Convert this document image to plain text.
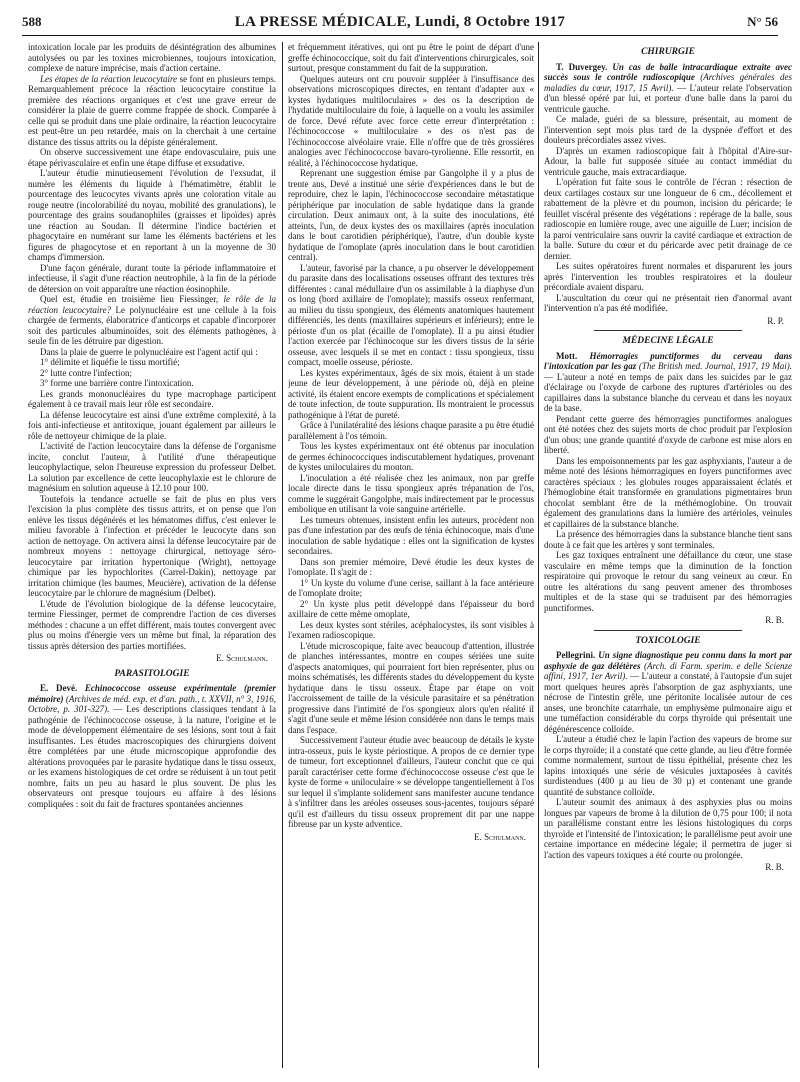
588	LA PRESSE MÉDICALE, Lundi, 8 Octobre 1917	N° 56

intoxication locale par les produits de désintégration des albumines autolysées ou par les toxines microbiennes, toujours intoxication, complexe de nature imprécise, mais d'action certaine.

Les étapes de la réaction leucocytaire se font en plusieurs temps. Remarquablement précoce la réaction leucocytaire constitue la première des réactions organiques et c'est une grave erreur de considérer la plaie de guerre comme frappée de shock. Comparée à celle qui se produit dans une plaie ordinaire, la réaction leucocytaire est peut-être un peu retardée, mais on la cherchait à une certaine distance des tissus attrits ou la dépiste généralement.

On observe successivement une étape endovasculaire, puis une étape périvasculaire et enfin une étape diffuse et exsudative.

L'auteur étudie minutieusement l'évolution de l'exsudat, il numère les éléments du liquide à l'hématimètre, établit le pourcentage des leucocytes vivants après une coloration vitale au rouge neutre (incolorabilité du noyau, mobilité des granulations), le pourcentage des grains soudanophiles (graisses et lipoïdes) après une réaction au Soudan. Il détermine l'indice bactérien et phagocytaire en numérant sur lame les éléments bactériens et les figures de phagocytose et en reportant à un la moyenne de 30 champs d'immersion.

D'une façon générale, durant toute la période inflammatoire et infectieuse, il s'agit d'une réaction neutrophile, à la fin de la période de détersion on voit apparaître une réaction éosinophile.

Quel est, étudie en troisième lieu Fiessinger, le rôle de la réaction leucocytaire? Le polynucléaire est une cellule à la fois chargée de ferments, élaboratrice d'anticorps et capable d'incorporer soit des particules albuminoïdes, soit des éléments pathogènes, à seule fin de les détruire par digestion.

Dans la plaie de guerre le polynucléaire est l'agent actif qui :

1° délimite et liquéfie le tissu mortifié;
2° lutte contre l'infection;
3° forme une barrière contre l'intoxication.

Les grands mononucléaires du type macrophage participent également à ce travail mais leur rôle est secondaire.

La défense leucocytaire est ainsi d'une extrême complexité, à la fois anti-infectieuse et antitoxique, jouant également par ailleurs le rôle de nettoyeur chimique de la plaie.

L'activité de l'action leucocytaire dans la défense de l'organisme incite, conclut l'auteur, à l'utilité d'une thérapeutique leucophylactique, selon l'heureuse expression du professeur Delbet. La solution par excellence de cette leucophylaxie est le chlorure de magnésium en solution aqueuse à 12.10 pour 100.

Toutefois la tendance actuelle se fait de plus en plus vers l'excision la plus complète des tissus attrits, et on pense que l'on enlève les tissus dégénérés et les hématomes diffus, c'est enlever le milieu favorable à l'infection et précéder le leucocyte dans son action de nettoyage. On activera ainsi la défense leucocytaire par de nombreux moyens : nettoyage chirurgical, nettoyage séro-leucocytaire par irritation hypertonique (Wright), nettoyage chimique par les hypochlorites (Carrel-Dakin), nettoyage par irritation chimique (les baumes, Meucière), activation de la défense leucocytaire par le chlorure de magnésium (Delbet).

L'étude de l'évolution biologique de la défense leucocytaire, termine Fiessinger, permet de comprendre l'action de ces diverses méthodes : chacune a un effet différent, mais toutes convergent avec plus ou moins d'énergie vers un même but final, la réparation des tissus après détersion des parties mortifiées.

E. Schulmann.
PARASITOLOGIE

E. Devé. Echinococcose osseuse expérimentale (premier mémoire) (Archives de méd. exp. et d'an. path., t. XXVII, n° 3, 1916, Octobre, p. 301-327). — Les descriptions classiques tendant à la pathogénie de l'échinococcose osseuse, à la nature, l'origine et le mode de développement élémentaire de ses lésions, sont tout à fait insuffisantes. Les études macroscopiques des chirurgiens doivent être complétées par une étude microscopique approfondie des altérations provoquées par le parasite hydatique dans le tissu osseux, or les examens histologiques de cet ordre se réduisent à un tout petit nombre, faits un peu au hasard le plus souvent. De plus les observateurs ont presque toujours eu affaire à des lésions compliquées : soit du fait de fractures spontanées anciennes

et fréquemment itératives, qui ont pu être le point de départ d'une greffe échinococcique, soit du fait d'interventions chirurgicales, soit surtout, presque constamment du fait de la suppuration.

Quelques auteurs ont cru pouvoir suppléer à l'insuffisance des observations microscopiques directes, en tentant d'adapter aux « kystes hydatiques multiloculaires » des os la description de l'hydatide multiloculaire du foie, à laquelle on a voulu les assimiler de force. Devé réfute avec force cette erreur d'interprétation : l'échinococcose « multiloculaire » des os n'est pas de l'échinococcose alvéolaire vraie. Elle n'offre que de très grossières analogies avec l'échinococcose bavaro-tyrolienne. Elle ressortit, en réalité, à l'échinococcose hydatique.

Reprenant une suggestion émise par Gangolphe il y a plus de trente ans, Devé a institué une série d'expériences dans le but de reproduire, chez le lapin, l'échinococcose secondaire métastatique périphérique par inoculation de sable hydatique dans la grande circulation. Deux animaux ont, à la suite des inoculations, été atteints, l'un, de deux kystes des os maxillaires (après inoculation dans le bout carotidien périphérique), l'autre, d'un double kyste hydatique de l'omoplate (après inoculation dans le bout carotidien central).

L'auteur, favorisé par la chance, a pu observer le développement du parasite dans des localisations osseuses offrant des textures très différentes : canal médullaire d'un os assimilable à la diaphyse d'un os long (bord axillaire de l'omoplate); massifs osseux renfermant, au milieu du tissu spongieux, des éléments anatomiques hautement différenciés, les dents (maxillaires supérieurs et inférieurs); entre le périoste d'un os plat (écaille de l'omoplate). Il a pu ainsi étudier l'action exercée par l'échinocoque sur les divers tissus de la série osseuse, avec lesquels il se met en contact : tissu spongieux, tissu compact, moelle osseuse, périoste.

Les kystes expérimentaux, âgés de six mois, étaient à un stade jeune de leur développement, à une période où, déjà en pleine activité, ils étaient encore exempts de complications et spécialement de toute infection, de toute suppuration. Ils montraient le processus pathogénique à l'état de pureté.

Grâce à l'unilatéralité des lésions chaque parasite a pu être étudié parallèlement à l'os témoin.

Tous les kystes expérimentaux ont été obtenus par inoculation de germes échinococciques indiscutablement hydatiques, provenant de kystes uniloculaires du mouton.

L'inoculation a été réalisée chez les animaux, non par greffe locale directe dans le tissu spongieux après trépanation de l'os, comme le suggérait Gangolphe, mais indirectement par le processus embolique en utilisant la voie sanguine artérielle.

Les tumeurs obtenues, insistent enfin les auteurs, procèdent non pas d'une infestation par des œufs de ténia échinocoque, mais d'une inoculation de sable hydatique : elles ont la signification de kystes secondaires.

Dans son premier mémoire, Devé étudie les deux kystes de l'omoplate. Il s'agit de :

1° Un kyste du volume d'une cerise, saillant à la face antérieure de l'omoplate droite;

2° Un kyste plus petit développé dans l'épaisseur du bord axillaire de cette même omoplate,

Les deux kystes sont stériles, acéphalocystes, ils sont visibles à l'examen radioscopique.

L'étude microscopique, faite avec beaucoup d'attention, illustrée de planches intéressantes, montre en coupes sériées une suite d'aspects anatomiques, qui pourraient fort bien représenter, plus ou moins schématisés, les différents stades du développement du kyste hydatique dans le tissu osseux. Étape par étape on voit l'accroissement de taille de la vésicule parasitaire et sa pénétration progressive dans l'intimité de l'os spongieux alors qu'en réalité il s'agit d'une seule et même lésion considérée non dans le temps mais dans l'espace.

Successivement l'auteur étudie avec beaucoup de détails le kyste intra-osseux, puis le kyste périostique. A propos de ce dernier type de tumeur, fort exceptionnel d'ailleurs, l'auteur conclut que ce qui paraît caractériser cette forme d'échinococcose osseuse c'est que le kyste de forme « uniloculaire » se développe tangentiellement à l'os sur lequel il s'implante solidement sans manifester aucune tendance à s'infiltrer dans les aréoles osseuses sous-jacentes, toujours séparé qu'il est d'ailleurs du tissu osseux proprement dit par une nappe fibreuse par un kyste adventice.

E. Schulmann.
CHIRURGIE

T. Duvergey. Un cas de balle intracardiaque extraite avec succès sous le contrôle radioscopique (Archives générales des maladies du cœur, 1917, 15 Avril). — L'auteur relate l'observation d'un blessé opéré par lui, et porteur d'une balle dans la paroi du ventricule gauche.

Ce malade, guéri de sa blessure, présentait, au moment de l'intervention sept mois plus tard de la dyspnée d'effort et des douleurs précordiales assez vives.

D'après un examen radioscopique fait à l'hôpital d'Aire-sur-Adour, la balle fut supposée située au contact immédiat du ventricule gauche, mais extracardiaque.

L'opération fut faite sous le contrôle de l'écran : résection de deux cartilages costaux sur une longueur de 6 cm., décollement et rabattement de la plèvre et du poumon, incision du péricarde; le feuillet viscéral présente des végétations : repérage de la balle, sous radioscopie en lumière rouge, avec une aiguille de Luer; incision de la paroi ventriculaire sans ouvrir la cavité cardiaque et extraction de la balle. Suture du cœur et du péricarde avec petit drainage de ce dernier.

Les suites opératoires furent normales et disparurent les jours après l'intervention les troubles respiratoires et la douleur précordiale avaient disparu.

L'auscultation du cœur qui ne présentait rien d'anormal avant l'intervention n'a pas été modifiée.

R. P.
MÉDECINE LÉGALE

Mott. Hémorragies punctiformes du cerveau dans l'intoxication par les gaz (The British med. Journal, 1917, 19 Mai). — L'auteur a noté en temps de paix dans les suicides par le gaz d'éclairage ou l'oxyde de carbone des ruptures d'artérioles ou des capillaires dans la substance blanche du cerveau et dans les noyaux de la base.

Pendant cette guerre des hémorragies punctiformes analogues ont été notées chez des sujets morts de choc produit par l'explosion d'un obus; une grande quantité d'oxyde de carbone est mise alors en liberté.

Dans les empoisonnements par les gaz asphyxiants, l'auteur a de même noté des lésions hémorragiques en foyers punctiformes avec caractères spéciaux : les globules rouges apparaissaient éclatés et l'hémoglobine était transformée en granulations pigmentaires brun chocolat semblant être de la méthémoglobine. On trouvait également des granulations dans la lumière des artérioles, veinules et capillaires de la substance blanche.

La présence des hémorragies dans la substance blanche tient sans doute à ce fait que les artères y sont terminales.

Les gaz toxiques entraînent une défaillance du cœur, une stase vasculaire en même temps que la diminution de la fonction respiratoire qui provoque le retour du sang veineux au cœur. En outre les altérations du sang peuvent amener des thromboses multiples et de la stase qui se traduisent par des hémorragies punctiformes.

R. B.
TOXICOLOGIE

Pellegrini. Un signe diagnostique peu connu dans la mort par asphyxie de gaz délétères (Arch. di Farm. sperim. e delle Scienze affini, 1917, 1er Avril). — L'auteur a constaté, à l'autopsie d'un sujet mort quelques heures après l'absorption de gaz asphyxiants, une nécrose de l'intestin grêle, une péritonite localisée autour de ces anses, une bronchite catarrhale, un emphysème pulmonaire aigu et une tuméfaction considérable du corps thyroïde qui présentait une dégénérescence colloïde.

L'auteur a étudié chez le lapin l'action des vapeurs de brome sur le corps thyroïde; il a constaté que cette glande, au lieu d'être formée comme normalement, surtout de tissu épithélial, présente chez les lapins intoxiqués une série de vésicules juxtaposées à cavités surdistendues (400 µ au lieu de 30 µ) et contenant une grande quantité de substance colloïde.

L'auteur soumit des animaux à des asphyxies plus ou moins longues par vapeurs de brome à la dilution de 0,75 pour 100; il nota un parallélisme constant entre les lésions histologiques du corps thyroïde et l'intensité de l'intoxication; le parallélisme peut avoir une certaine importance en médecine légale; il permettra de juger si l'action des vapeurs toxiques a été courte ou prolongée.

R. B.
